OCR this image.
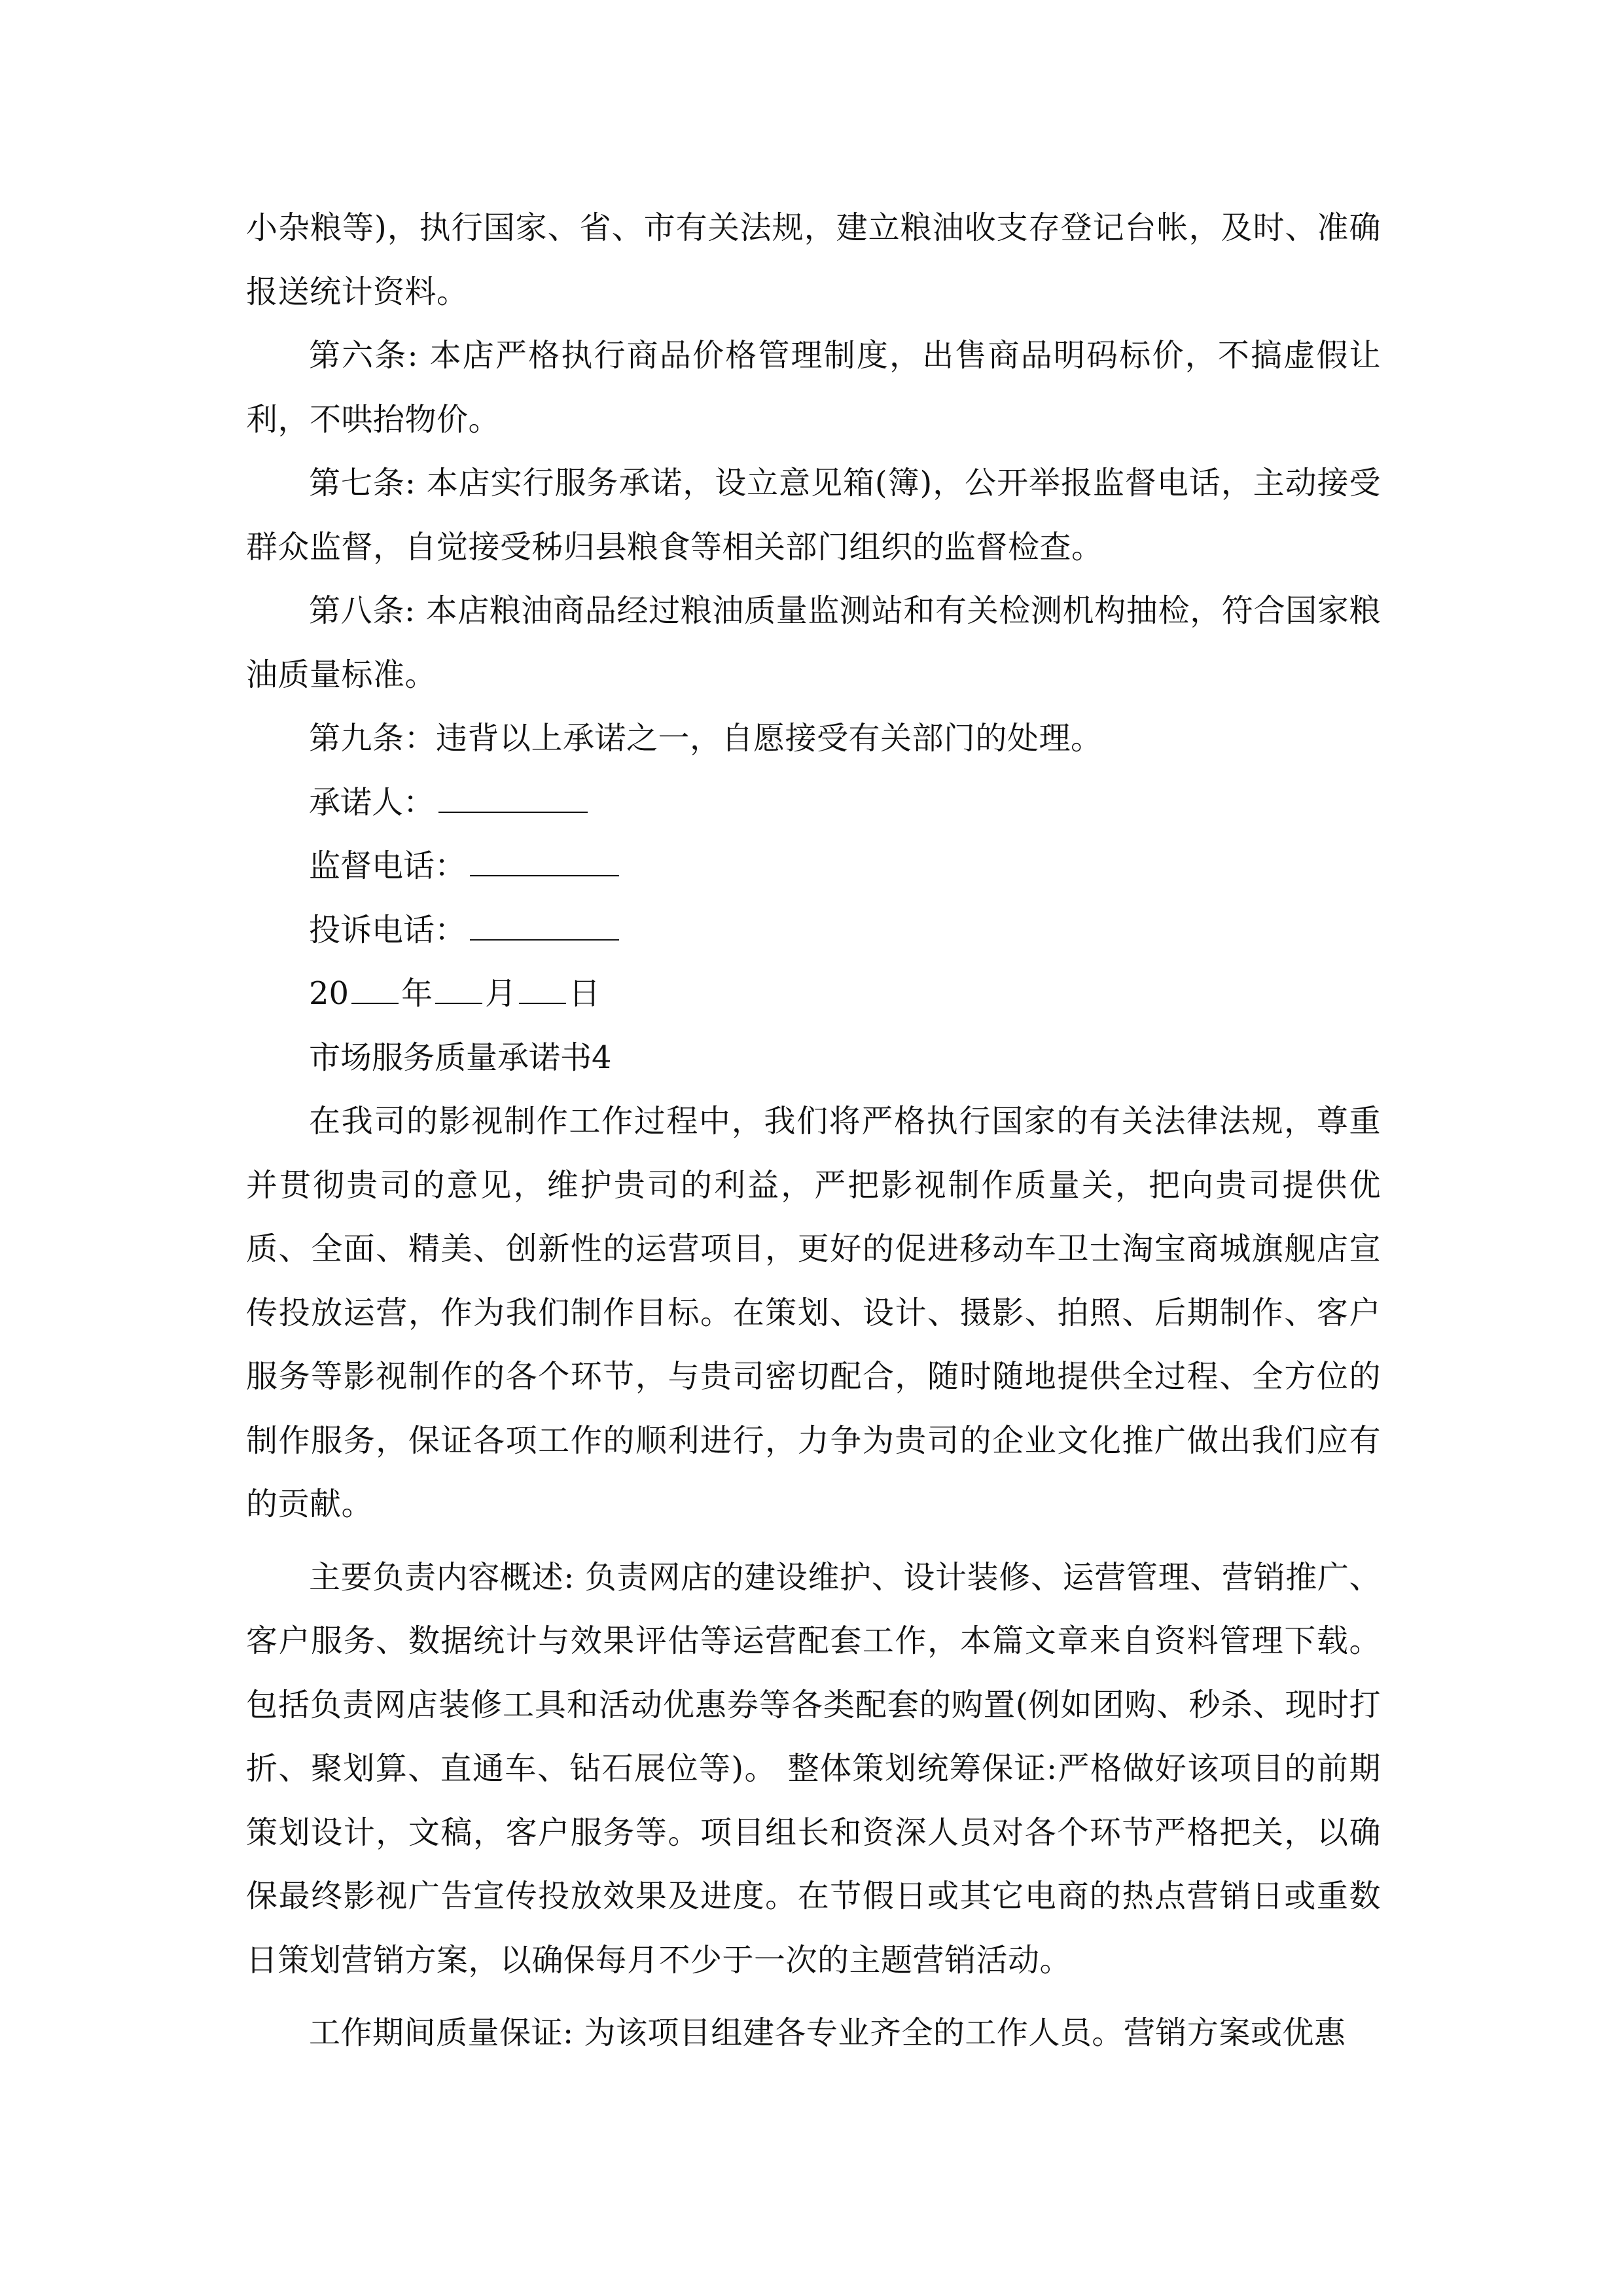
小杂粮等)，执行国家、省、市有关法规，建立粮油收支存登记台帐，及时、准确报送统计资料。

第六条: 本店严格执行商品价格管理制度，出售商品明码标价，不搞虚假让利，不哄抬物价。

第七条: 本店实行服务承诺，设立意见箱(簿)，公开举报监督电话，主动接受群众监督，自觉接受秭归县粮食等相关部门组织的监督检查。

第八条: 本店粮油商品经过粮油质量监测站和有关检测机构抽检，符合国家粮油质量标准。

第九条：违背以上承诺之一，自愿接受有关部门的处理。

承诺人：
监督电话：
投诉电话：
20 年 月 日
市场服务质量承诺书4

在我司的影视制作工作过程中，我们将严格执行国家的有关法律法规，尊重并贯彻贵司的意见，维护贵司的利益，严把影视制作质量关，把向贵司提供优质、全面、精美、创新性的运营项目，更好的促进移动车卫士淘宝商城旗舰店宣传投放运营，作为我们制作目标。在策划、设计、摄影、拍照、后期制作、客户服务等影视制作的各个环节，与贵司密切配合，随时随地提供全过程、全方位的制作服务，保证各项工作的顺利进行，力争为贵司的企业文化推广做出我们应有的贡献。

主要负责内容概述: 负责网店的建设维护、设计装修、运营管理、营销推广、客户服务、数据统计与效果评估等运营配套工作，本篇文章来自资料管理下载。包括负责网店装修工具和活动优惠券等各类配套的购置(例如团购、秒杀、现时打折、聚划算、直通车、钻石展位等)。 整体策划统筹保证:严格做好该项目的前期策划设计，文稿，客户服务等。项目组长和资深人员对各个环节严格把关，以确保最终影视广告宣传投放效果及进度。在节假日或其它电商的热点营销日或重数日策划营销方案，以确保每月不少于一次的主题营销活动。

工作期间质量保证: 为该项目组建各专业齐全的工作人员。营销方案或优惠
